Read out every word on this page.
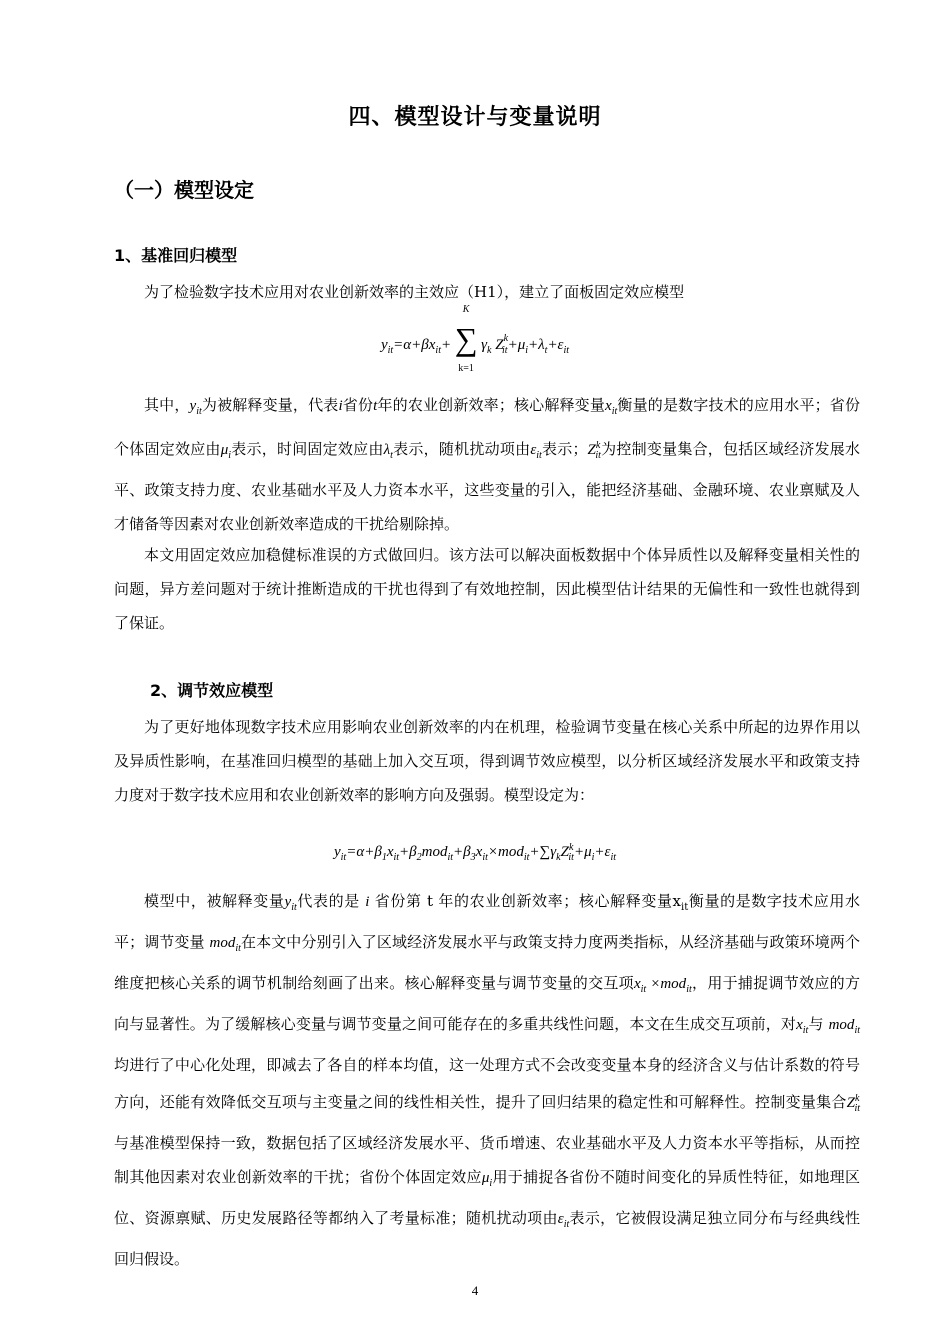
四、模型设计与变量说明
（一）模型设定
1、基准回归模型

为了检验数字技术应用对农业创新效率的主效应（H1），建立了面板固定效应模型

$y_{it}=\alpha+\beta x_{it}+$
K
∑
k=1
$\gamma_k$ $Z^k_{it}+\mu_i+\lambda_t+\varepsilon_{it}$

其中，$y_{it}$为被解释变量，代表i省份t年的农业创新效率；核心解释变量$x_{it}$衡量的是数字技术的应用水平；省份个体固定效应由$\mu_i$表示，时间固定效应由$\lambda_t$表示，随机扰动项由$\varepsilon_{it}$表示；$Z^k_{it}$为控制变量集合，包括区域经济发展水平、政策支持力度、农业基础水平及人力资本水平，这些变量的引入，能把经济基础、金融环境、农业禀赋及人才储备等因素对农业创新效率造成的干扰给剔除掉。

本文用固定效应加稳健标准误的方式做回归。该方法可以解决面板数据中个体异质性以及解释变量相关性的问题，异方差问题对于统计推断造成的干扰也得到了有效地控制，因此模型估计结果的无偏性和一致性也就得到了保证。

2、调节效应模型

为了更好地体现数字技术应用影响农业创新效率的内在机理，检验调节变量在核心关系中所起的边界作用以及异质性影响，在基准回归模型的基础上加入交互项，得到调节效应模型，以分析区域经济发展水平和政策支持力度对于数字技术应用和农业创新效率的影响方向及强弱。模型设定为：

$y_{it}=\alpha+\beta_1x_{it}+\beta_2mod_{it}+\beta_3x_{it}\times mod_{it}+\sum\gamma_kZ^k_{it}+\mu_i+\varepsilon_{it}$

模型中，被解释变量$y_{it}$代表的是 i 省份第 t 年的农业创新效率；核心解释变量$x_{it}$衡量的是数字技术应用水平；调节变量 mod$_{it}$在本文中分别引入了区域经济发展水平与政策支持力度两类指标，从经济基础与政策环境两个维度把核心关系的调节机制给刻画了出来。核心解释变量与调节变量的交互项$x_{it} \times mod_{it}$，用于捕捉调节效应的方向与显著性。为了缓解核心变量与调节变量之间可能存在的多重共线性问题，本文在生成交互项前，对$x_{it}$与 mod$_{it}$均进行了中心化处理，即减去了各自的样本均值，这一处理方式不会改变变量本身的经济含义与估计系数的符号方向，还能有效降低交互项与主变量之间的线性相关性，提升了回归结果的稳定性和可解释性。控制变量集合$Z^k_{it}$与基准模型保持一致，数据包括了区域经济发展水平、货币增速、农业基础水平及人力资本水平等指标，从而控制其他因素对农业创新效率的干扰；省份个体固定效应$\mu_i$用于捕捉各省份不随时间变化的异质性特征，如地理区位、资源禀赋、历史发展路径等都纳入了考量标准；随机扰动项由$\varepsilon_{it}$表示，它被假设满足独立同分布与经典线性回归假设。

4
